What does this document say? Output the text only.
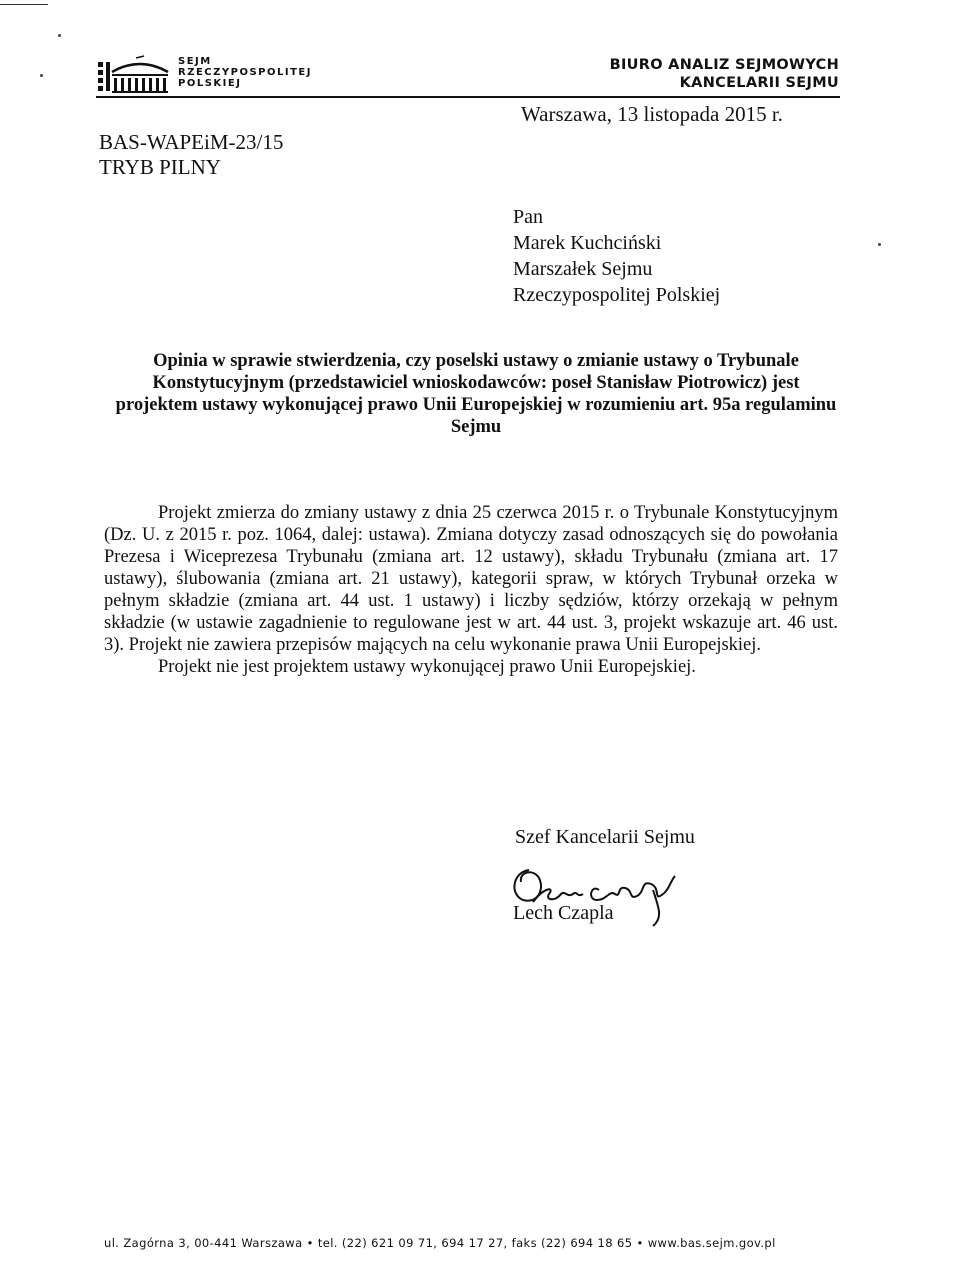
SEJM
RZECZYPOSPOLITEJ
POLSKIEJ
BIURO ANALIZ SEJMOWYCH
KANCELARII SEJMU
Warszawa, 13 listopada 2015 r.
BAS-WAPEiM-23/15
TRYB PILNY
Pan
Marek Kuchciński
Marszałek Sejmu
Rzeczypospolitej Polskiej
Opinia w sprawie stwierdzenia, czy poselski ustawy o zmianie ustawy o Trybunale Konstytucyjnym (przedstawiciel wnioskodawców: poseł Stanisław Piotrowicz) jest projektem ustawy wykonującej prawo Unii Europejskiej w rozumieniu art. 95a regulaminu Sejmu

Projekt zmierza do zmiany ustawy z dnia 25 czerwca 2015 r. o Trybunale Konstytucyjnym (Dz. U. z 2015 r. poz. 1064, dalej: ustawa). Zmiana dotyczy zasad odnoszących się do powołania Prezesa i Wiceprezesa Trybunału (zmiana art. 12 ustawy), składu Trybunału (zmiana art. 17 ustawy), ślubowania (zmiana art. 21 ustawy), kategorii spraw, w których Trybunał orzeka w pełnym składzie (zmiana art. 44 ust. 1 ustawy) i liczby sędziów, którzy orzekają w pełnym składzie (w ustawie zagadnienie to regulowane jest w art. 44 ust. 3, projekt wskazuje art. 46 ust. 3). Projekt nie zawiera przepisów mających na celu wykonanie prawa Unii Europejskiej.

Projekt nie jest projektem ustawy wykonującej prawo Unii Europejskiej.

Szef Kancelarii Sejmu
Lech Czapla
ul. Zagórna 3, 00-441 Warszawa • tel. (22) 621 09 71, 694 17 27, faks (22) 694 18 65 • www.bas.sejm.gov.pl
